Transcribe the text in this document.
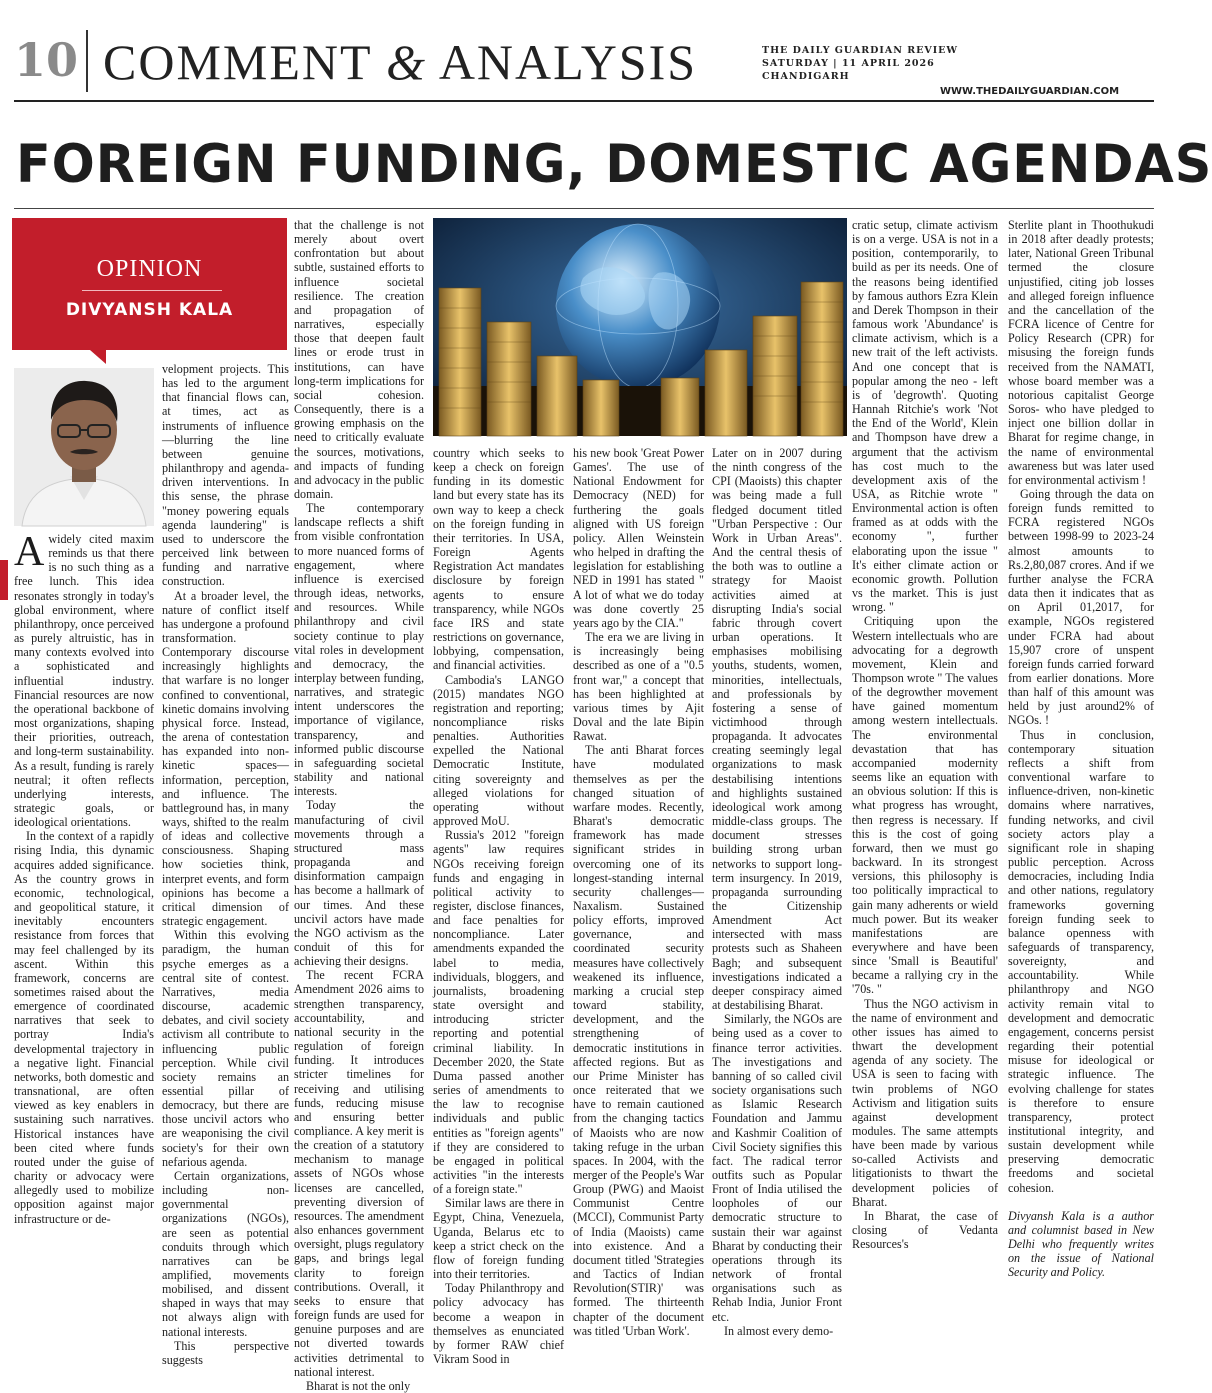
10 COMMENT & ANALYSIS	THE DAILY GUARDIAN REVIEW
SATURDAY | 11 APRIL 2026
CHANDIGARH
WWW.THEDAILYGUARDIAN.COM
FOREIGN FUNDING, DOMESTIC AGENDAS
OPINION
DIVYANSH KALA

Awidely cited maxim reminds us that there is no such thing as a free lunch. This idea resonates strongly in today's global environment, where philanthropy, once perceived as purely altruistic, has in many contexts evolved into a sophisticated and influential industry. Financial resources are now the operational backbone of most organizations, shaping their priorities, outreach, and long-term sustainability. As a result, funding is rarely neutral; it often reflects underlying interests, strategic goals, or ideological orientations.

In the context of a rapidly rising India, this dynamic acquires added significance. As the country grows in economic, technological, and geopolitical stature, it inevitably encounters resistance from forces that may feel challenged by its ascent. Within this framework, concerns are sometimes raised about the emergence of coordinated narratives that seek to portray India's developmental trajectory in a negative light. Financial networks, both domestic and transnational, are often viewed as key enablers in sustaining such narratives. Historical instances have been cited where funds routed under the guise of charity or advocacy were allegedly used to mobilize opposition against major infrastructure or de-

velopment projects. This has led to the argument that financial flows can, at times, act as instruments of influence—blurring the line between genuine philanthropy and agenda-driven interventions. In this sense, the phrase "money powering equals agenda laundering" is used to underscore the perceived link between funding and narrative construction.

At a broader level, the nature of conflict itself has undergone a profound transformation. Contemporary discourse increasingly highlights that warfare is no longer confined to conventional, kinetic domains involving physical force. Instead, the arena of contestation has expanded into non-kinetic spaces—information, perception, and influence. The battleground has, in many ways, shifted to the realm of ideas and collective consciousness. Shaping how societies think, interpret events, and form opinions has become a critical dimension of strategic engagement.

Within this evolving paradigm, the human psyche emerges as a central site of contest. Narratives, media discourse, academic debates, and civil society activism all contribute to influencing public perception. While civil society remains an essential pillar of democracy, but there are those uncivil actors who are weaponising the civil society's for their own nefarious agenda.

Certain organizations, including non-governmental organizations (NGOs), are seen as potential conduits through which narratives can be amplified, movements mobilised, and dissent shaped in ways that may not always align with national interests.

This perspective suggests

that the challenge is not merely about overt confrontation but about subtle, sustained efforts to influence societal resilience. The creation and propagation of narratives, especially those that deepen fault lines or erode trust in institutions, can have long-term implications for social cohesion. Consequently, there is a growing emphasis on the need to critically evaluate the sources, motivations, and impacts of funding and advocacy in the public domain.

The contemporary landscape reflects a shift from visible confrontation to more nuanced forms of engagement, where influence is exercised through ideas, networks, and resources. While philanthropy and civil society continue to play vital roles in development and democracy, the interplay between funding, narratives, and strategic intent underscores the importance of vigilance, transparency, and informed public discourse in safeguarding societal stability and national interests.

Today the manufacturing of civil movements through a structured mass propaganda and disinformation campaign has become a hallmark of our times. And these uncivil actors have made the NGO activism as the conduit of this for achieving their designs.

The recent FCRA Amendment 2026 aims to strengthen transparency, accountability, and national security in the regulation of foreign funding. It introduces stricter timelines for receiving and utilising funds, reducing misuse and ensuring better compliance. A key merit is the creation of a statutory mechanism to manage assets of NGOs whose licenses are cancelled, preventing diversion of resources. The amendment also enhances government oversight, plugs regulatory gaps, and brings legal clarity to foreign contributions. Overall, it seeks to ensure that foreign funds are used for genuine purposes and are not diverted towards activities detrimental to national interest.

Bharat is not the only

country which seeks to keep a check on foreign funding in its domestic land but every state has its own way to keep a check on the foreign funding in their territories. In USA, Foreign Agents Registration Act mandates disclosure by foreign agents to ensure transparency, while NGOs face IRS and state restrictions on governance, lobbying, compensation, and financial activities.

Cambodia's LANGO (2015) mandates NGO registration and reporting; noncompliance risks penalties. Authorities expelled the National Democratic Institute, citing sovereignty and alleged violations for operating without approved MoU.

Russia's 2012 "foreign agents" law requires NGOs receiving foreign funds and engaging in political activity to register, disclose finances, and face penalties for noncompliance. Later amendments expanded the label to media, individuals, bloggers, and journalists, broadening state oversight and introducing stricter reporting and potential criminal liability. In December 2020, the State Duma passed another series of amendments to the law to recognise individuals and public entities as "foreign agents" if they are considered to be engaged in political activities "in the interests of a foreign state."

Similar laws are there in Egypt, China, Venezuela, Uganda, Belarus etc to keep a strict check on the flow of foreign funding into their territories.

Today Philanthropy and policy advocacy has become a weapon in themselves as enunciated by former RAW chief Vikram Sood in

his new book 'Great Power Games'. The use of National Endowment for Democracy (NED) for furthering the goals aligned with US foreign policy. Allen Weinstein who helped in drafting the legislation for establishing NED in 1991 has stated " A lot of what we do today was done covertly 25 years ago by the CIA."

The era we are living in is increasingly being described as one of a "0.5 front war," a concept that has been highlighted at various times by Ajit Doval and the late Bipin Rawat.

The anti Bharat forces have modulated themselves as per the changed situation of warfare modes. Recently, Bharat's democratic framework has made significant strides in overcoming one of its longest-standing internal security challenges—Naxalism. Sustained policy efforts, improved governance, and coordinated security measures have collectively weakened its influence, marking a crucial step toward stability, development, and the strengthening of democratic institutions in affected regions. But as our Prime Minister has once reiterated that we have to remain cautioned from the changing tactics of Maoists who are now taking refuge in the urban spaces. In 2004, with the merger of the People's War Group (PWG) and Maoist Communist Centre (MCCI), Communist Party of India (Maoists) came into existence. And a document titled 'Strategies and Tactics of Indian Revolution(STIR)' was formed. The thirteenth chapter of the document was titled 'Urban Work'.

Later on in 2007 during the ninth congress of the CPI (Maoists) this chapter was being made a full fledged document titled "Urban Perspective : Our Work in Urban Areas". And the central thesis of the both was to outline a strategy for Maoist activities aimed at disrupting India's social fabric through covert urban operations. It emphasises mobilising youths, students, women, minorities, intellectuals, and professionals by fostering a sense of victimhood through propaganda. It advocates creating seemingly legal organizations to mask destabilising intentions and highlights sustained ideological work among middle-class groups. The document stresses building strong urban networks to support long-term insurgency. In 2019, propaganda surrounding the Citizenship Amendment Act intersected with mass protests such as Shaheen Bagh; and subsequent investigations indicated a deeper conspiracy aimed at destabilising Bharat.

Similarly, the NGOs are being used as a cover to finance terror activities. The investigations and banning of so called civil society organisations such as Islamic Research Foundation and Jammu and Kashmir Coalition of Civil Society signifies this fact. The radical terror outfits such as Popular Front of India utilised the loopholes of our democratic structure to sustain their war against Bharat by conducting their operations through its network of frontal organisations such as Rehab India, Junior Front etc.

In almost every demo-

cratic setup, climate activism is on a verge. USA is not in a position, contemporarily, to build as per its needs. One of the reasons being identified by famous authors Ezra Klein and Derek Thompson in their famous work 'Abundance' is climate activism, which is a new trait of the left activists. And one concept that is popular among the neo - left is of 'degrowth'. Quoting Hannah Ritchie's work 'Not the End of the World', Klein and Thompson have drew a argument that the activism has cost much to the development axis of the USA, as Ritchie wrote " Environmental action is often framed as at odds with the economy ", further elaborating upon the issue " It's either climate action or economic growth. Pollution vs the market. This is just wrong. "

Critiquing upon the Western intellectuals who are advocating for a degrowth movement, Klein and Thompson wrote " The values of the degrowther movement have gained momentum among western intellectuals. The environmental devastation that has accompanied modernity seems like an equation with an obvious solution: If this is what progress has wrought, then regress is necessary. If this is the cost of going forward, then we must go backward. In its strongest versions, this philosophy is too politically impractical to gain many adherents or wield much power. But its weaker manifestations are everywhere and have been since 'Small is Beautiful' became a rallying cry in the '70s. "

Thus the NGO activism in the name of environment and other issues has aimed to thwart the development agenda of any society. The USA is seen to facing with twin problems of NGO Activism and litigation suits against development modules. The same attempts have been made by various so-called Activists and litigationists to thwart the development policies of Bharat.

In Bharat, the case of closing of Vedanta Resources's

Sterlite plant in Thoothukudi in 2018 after deadly protests; later, National Green Tribunal termed the closure unjustified, citing job losses and alleged foreign influence and the cancellation of the FCRA licence of Centre for Policy Research (CPR) for misusing the foreign funds received from the NAMATI, whose board member was a notorious capitalist George Soros- who have pledged to inject one billion dollar in Bharat for regime change, in the name of environmental awareness but was later used for environmental activism !

Going through the data on foreign funds remitted to FCRA registered NGOs between 1998-99 to 2023-24 almost amounts to Rs.2,80,087 crores. And if we further analyse the FCRA data then it indicates that as on April 01,2017, for example, NGOs registered under FCRA had about 15,907 crore of unspent foreign funds carried forward from earlier donations. More than half of this amount was held by just around2% of NGOs. !

Thus in conclusion, contemporary situation reflects a shift from conventional warfare to influence-driven, non-kinetic domains where narratives, funding networks, and civil society actors play a significant role in shaping public perception. Across democracies, including India and other nations, regulatory frameworks governing foreign funding seek to balance openness with safeguards of transparency, sovereignty, and accountability. While philanthropy and NGO activity remain vital to development and democratic engagement, concerns persist regarding their potential misuse for ideological or strategic influence. The evolving challenge for states is therefore to ensure transparency, protect institutional integrity, and sustain development while preserving democratic freedoms and societal cohesion.

Divyansh Kala is a author and columnist based in New Delhi who frequently writes on the issue of National Security and Policy.
